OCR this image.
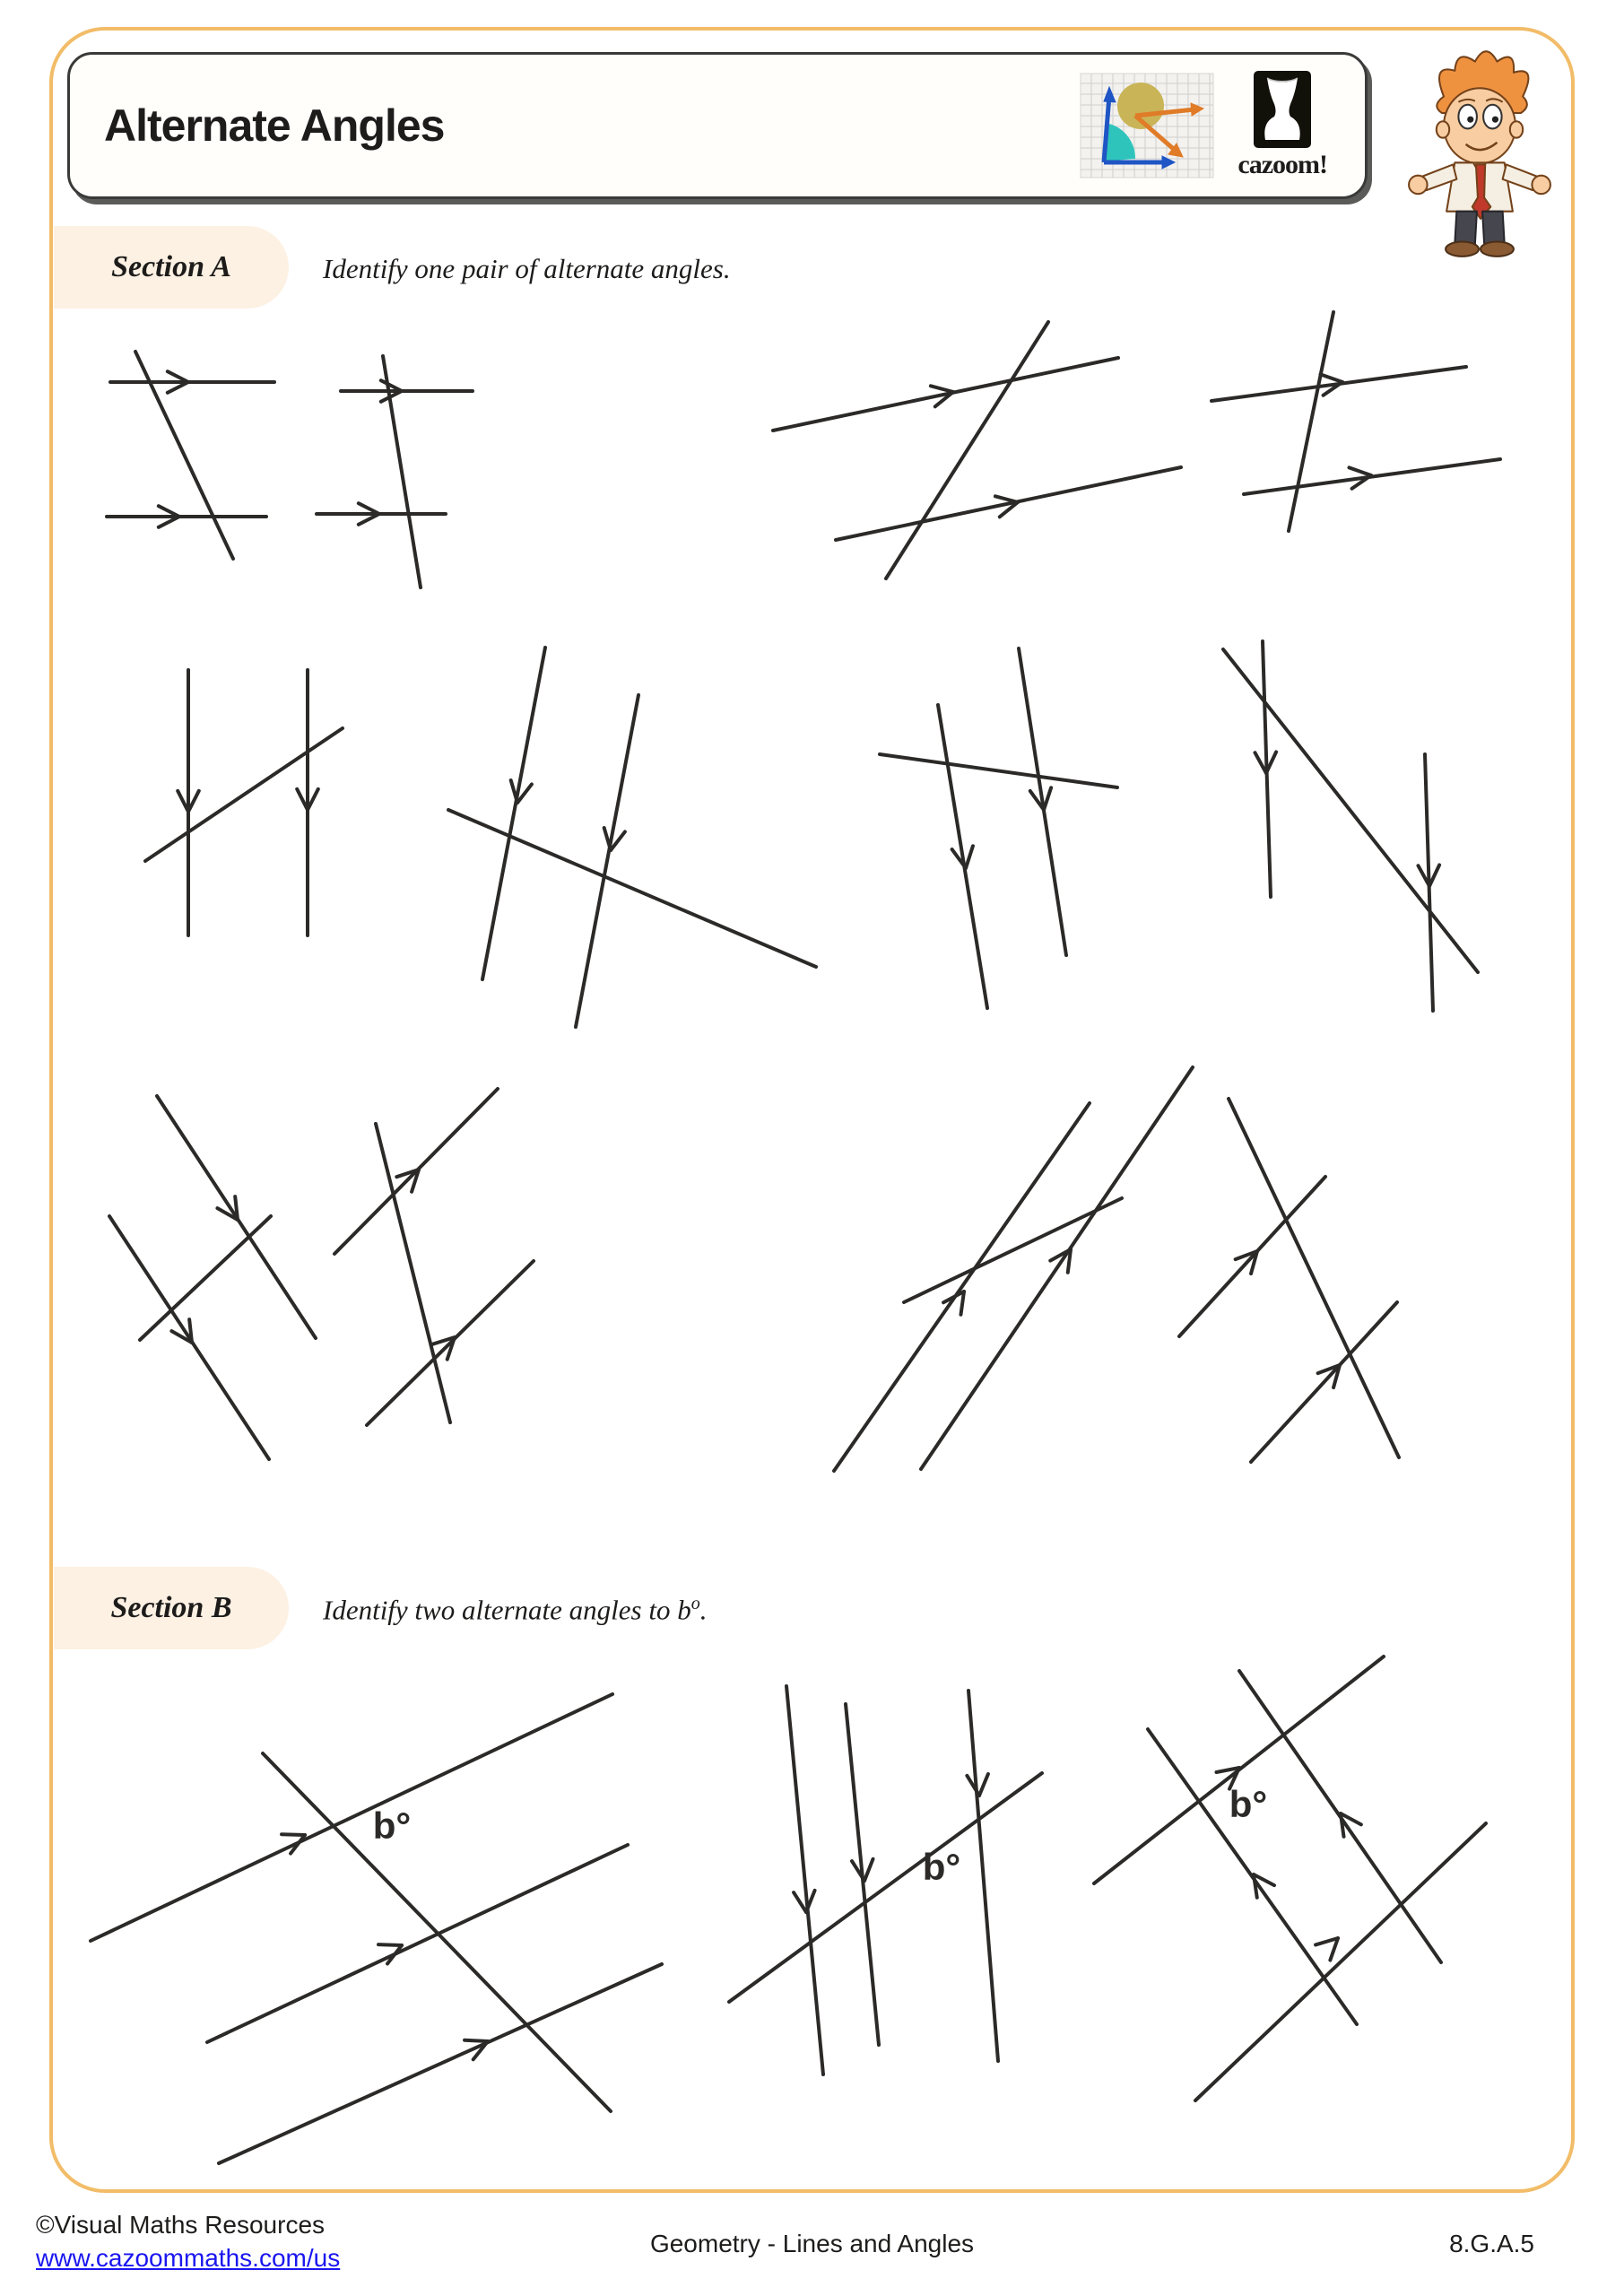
b°
b°
b°
Alternate Angles
cazoom!
Section A	Identify one pair of alternate angles.
Section B	Identify two alternate angles to $b^o$.
©Visual Maths Resources
www.cazoommaths.com/us
Geometry - Lines and Angles	8.G.A.5
